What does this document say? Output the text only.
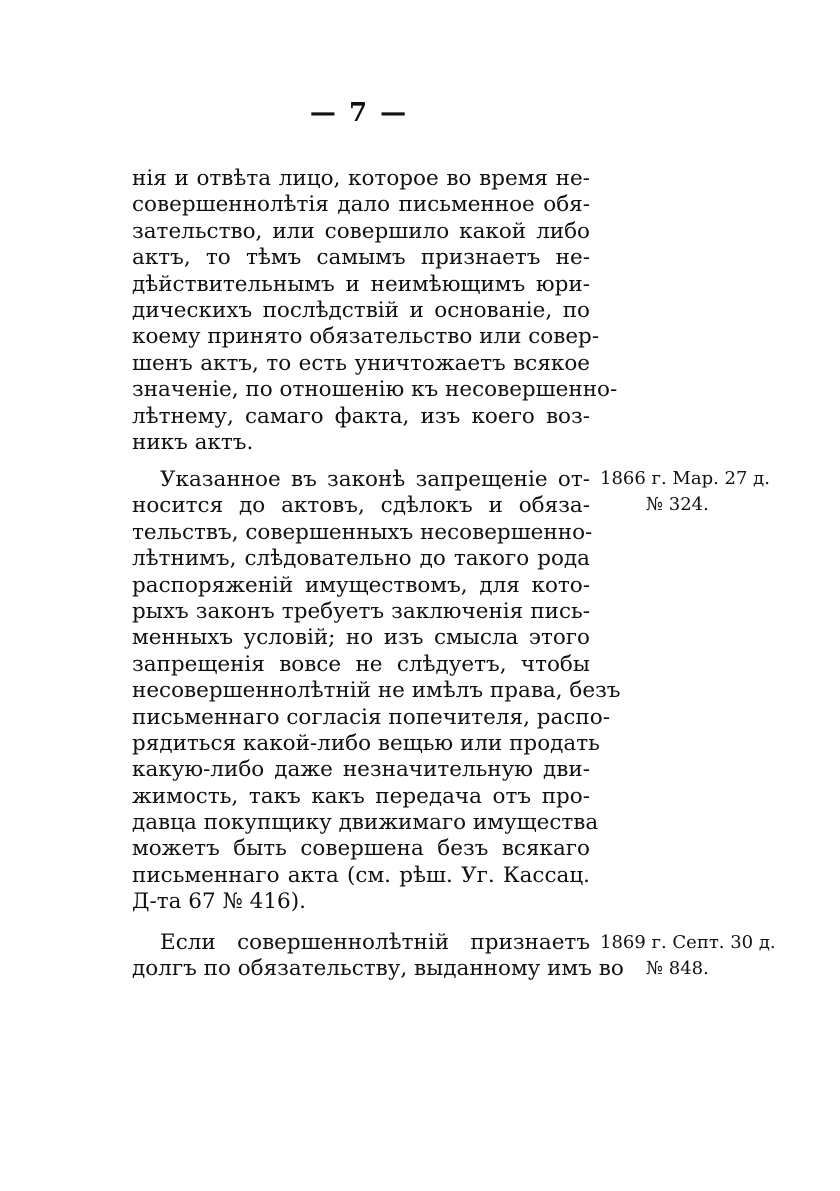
— 7 —
нія и отвѣта лицо, которое во время не-
совершеннолѣтія дало письменное обя-
зательство, или совершило какой либо
актъ, то тѣмъ самымъ признаетъ не-
дѣйствительнымъ и неимѣющимъ юри-
дическихъ послѣдствій и основаніе, по
коему принято обязательство или совер-
шенъ актъ, то есть уничтожаетъ всякое
значеніе, по отношенію къ несовершенно-
лѣтнему, самаго факта, изъ коего воз-
никъ актъ.
Указанное въ законѣ запрещеніе от-
носится до актовъ, сдѣлокъ и обяза-
тельствъ, совершенныхъ несовершенно-
лѣтнимъ, слѣдовательно до такого рода
распоряженій имуществомъ, для кото-
рыхъ законъ требуетъ заключенія пись-
менныхъ условій; но изъ смысла этого
запрещенія вовсе не слѣдуетъ, чтобы
несовершеннолѣтній не имѣлъ права, безъ
письменнаго согласія попечителя, распо-
рядиться какой-либо вещью или продать
какую-либо даже незначительную дви-
жимость, такъ какъ передача отъ про-
давца покупщику движимаго имущества
можетъ быть совершена безъ всякаго
письменнаго акта (см. рѣш. Уг. Кассац.
Д-та 67 № 416).
1866 г. Мар. 27 д.
№ 324.
Если совершеннолѣтній признаетъ
долгъ по обязательству, выданному имъ во
1869 г. Септ. 30 д.
№ 848.
